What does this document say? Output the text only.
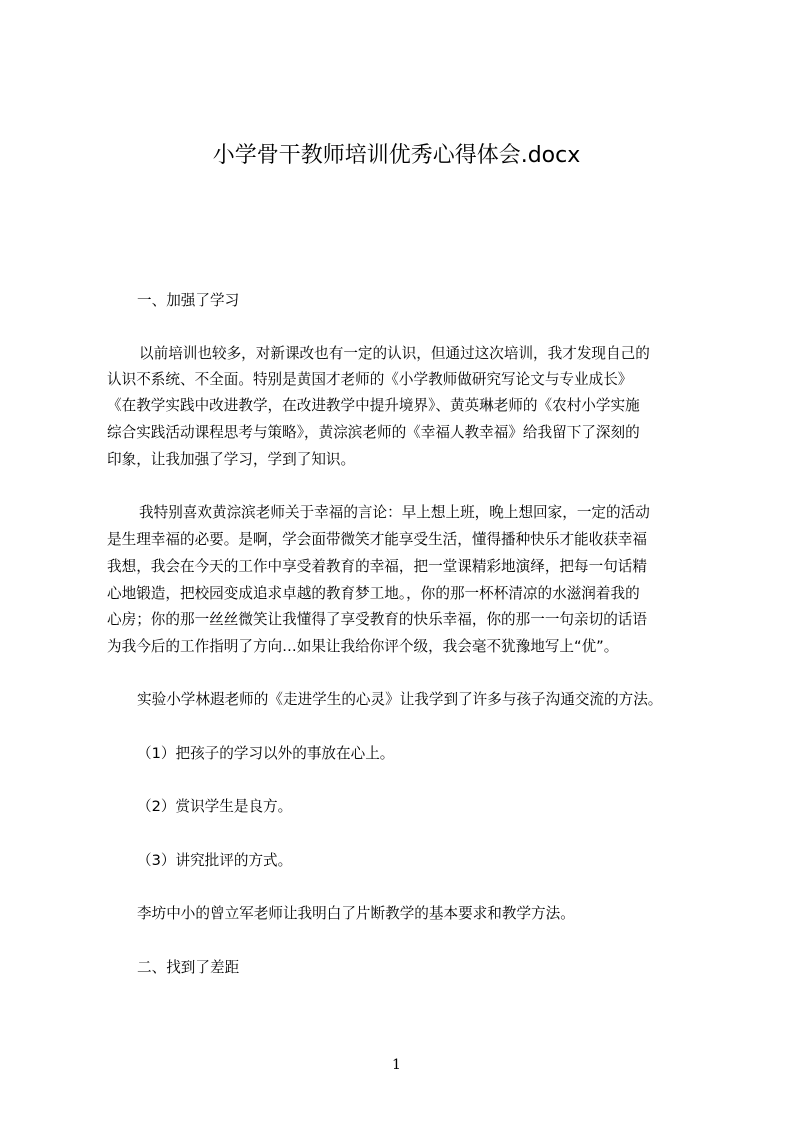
小学骨干教师培训优秀心得体会.docx
一、加强了学习
以前培训也较多，对新课改也有一定的认识，但通过这次培训，我才发现自己的
认识不系统、不全面。特别是黄国才老师的《小学教师做研究写论文与专业成长》
《在教学实践中改进教学，在改进教学中提升境界》、黄英琳老师的《农村小学实施
综合实践活动课程思考与策略》，黄淙滨老师的《幸福人教幸福》给我留下了深刻的
印象，让我加强了学习，学到了知识。
我特别喜欢黄淙滨老师关于幸福的言论：早上想上班，晚上想回家，一定的活动
是生理幸福的必要。是啊，学会面带微笑才能享受生活，懂得播种快乐才能收获幸福
我想，我会在今天的工作中享受着教育的幸福，把一堂课精彩地演绎，把每一句话精
心地锻造，把校园变成追求卓越的教育梦工地。，你的那一杯杯清凉的水滋润着我的
心房；你的那一丝丝微笑让我懂得了享受教育的快乐幸福，你的那一一句亲切的话语
为我今后的工作指明了方向…如果让我给你评个级，我会毫不犹豫地写上“优”。
实验小学林遐老师的《走进学生的心灵》让我学到了许多与孩子沟通交流的方法。
（1）把孩子的学习以外的事放在心上。
（2）赏识学生是良方。
（3）讲究批评的方式。
李坊中小的曾立军老师让我明白了片断教学的基本要求和教学方法。
二、找到了差距
1
